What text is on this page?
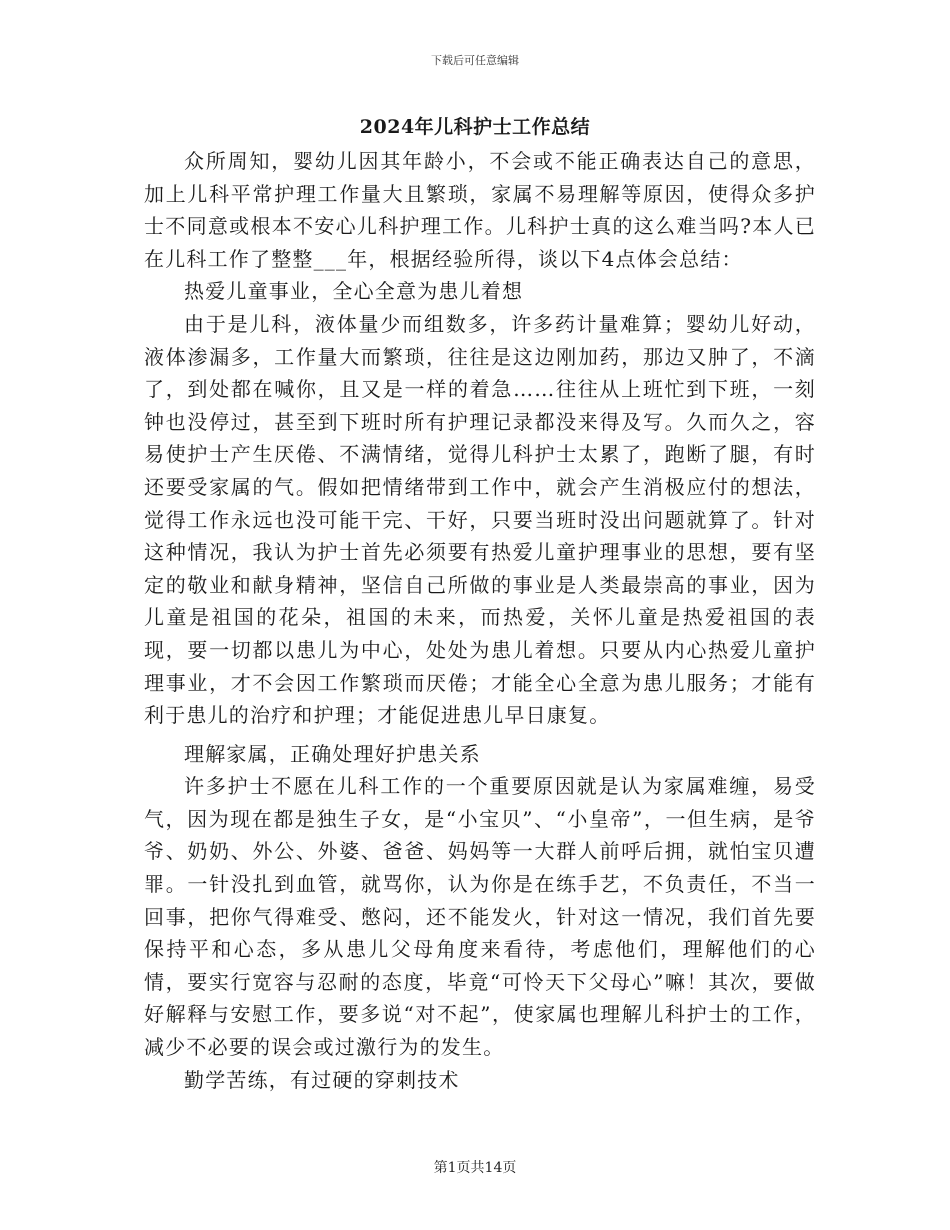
下载后可任意编辑
2024年儿科护士工作总结

众所周知，婴幼儿因其年龄小，不会或不能正确表达自己的意思，加上儿科平常护理工作量大且繁琐，家属不易理解等原因，使得众多护士不同意或根本不安心儿科护理工作。儿科护士真的这么难当吗?本人已在儿科工作了整整___年，根据经验所得，谈以下4点体会总结：

热爱儿童事业，全心全意为患儿着想

由于是儿科，液体量少而组数多，许多药计量难算；婴幼儿好动，液体渗漏多，工作量大而繁琐，往往是这边刚加药，那边又肿了，不滴了，到处都在喊你，且又是一样的着急……往往从上班忙到下班，一刻钟也没停过，甚至到下班时所有护理记录都没来得及写。久而久之，容易使护士产生厌倦、不满情绪，觉得儿科护士太累了，跑断了腿，有时还要受家属的气。假如把情绪带到工作中，就会产生消极应付的想法，觉得工作永远也没可能干完、干好，只要当班时没出问题就算了。针对这种情况，我认为护士首先必须要有热爱儿童护理事业的思想，要有坚定的敬业和献身精神，坚信自己所做的事业是人类最崇高的事业，因为儿童是祖国的花朵，祖国的未来，而热爱，关怀儿童是热爱祖国的表现，要一切都以患儿为中心，处处为患儿着想。只要从内心热爱儿童护理事业，才不会因工作繁琐而厌倦；才能全心全意为患儿服务；才能有利于患儿的治疗和护理；才能促进患儿早日康复。

理解家属，正确处理好护患关系

许多护士不愿在儿科工作的一个重要原因就是认为家属难缠，易受气，因为现在都是独生子女，是“小宝贝”、“小皇帝”，一但生病，是爷爷、奶奶、外公、外婆、爸爸、妈妈等一大群人前呼后拥，就怕宝贝遭罪。一针没扎到血管，就骂你，认为你是在练手艺，不负责任，不当一回事，把你气得难受、憋闷，还不能发火，针对这一情况，我们首先要保持平和心态，多从患儿父母角度来看待，考虑他们，理解他们的心情，要实行宽容与忍耐的态度，毕竟“可怜天下父母心”嘛！其次，要做好解释与安慰工作，要多说“对不起”，使家属也理解儿科护士的工作，减少不必要的误会或过激行为的发生。

勤学苦练，有过硬的穿刺技术

第1页共14页
